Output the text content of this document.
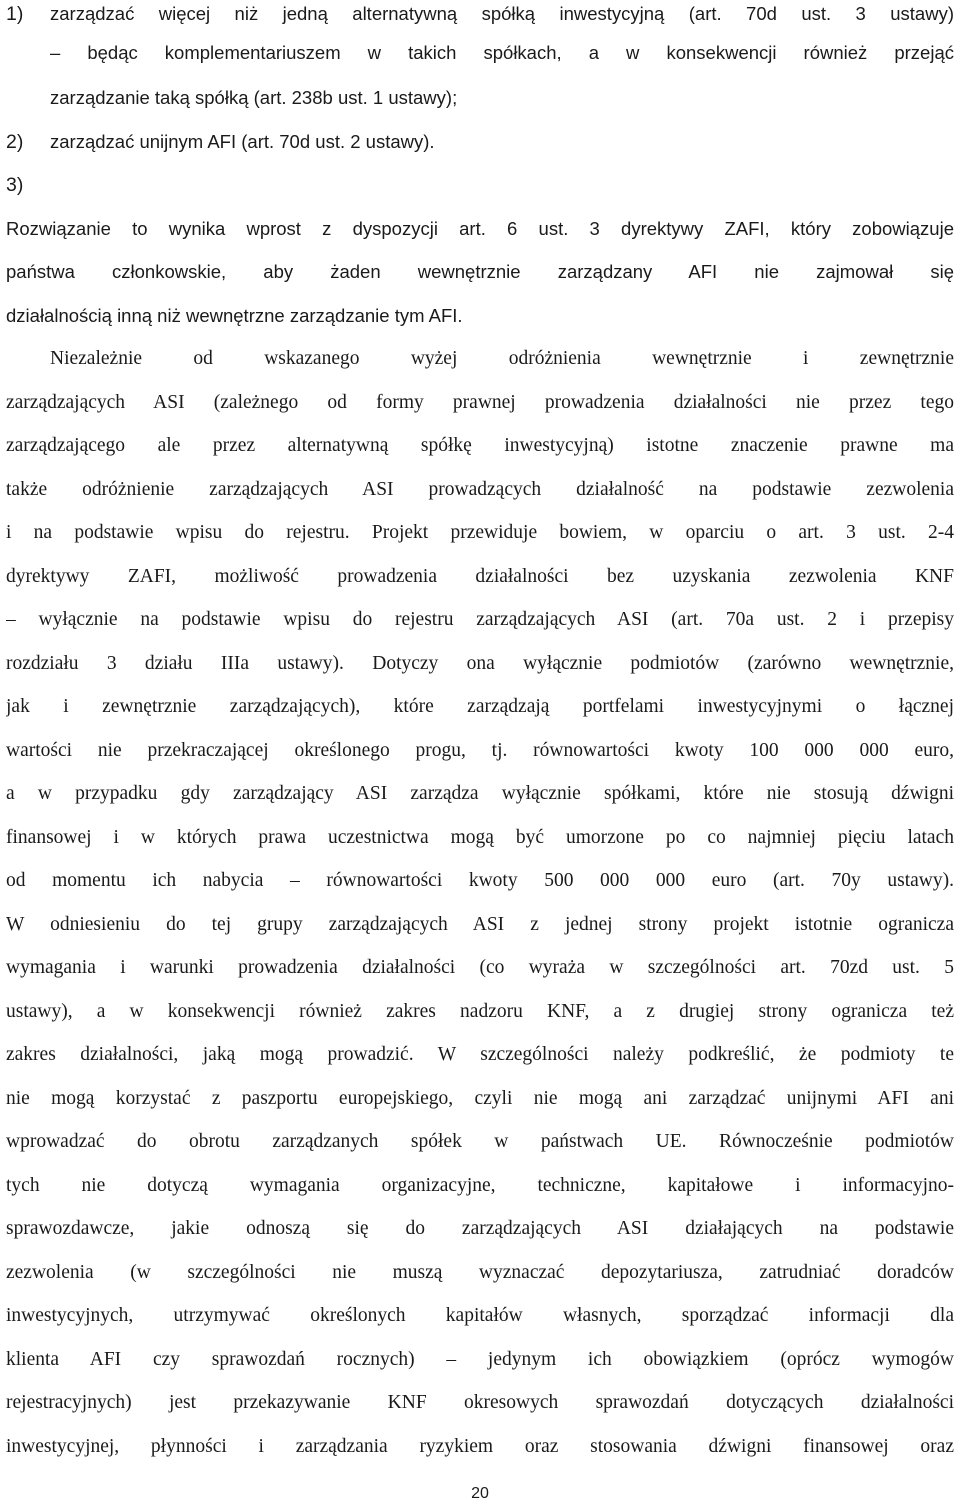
1) zarządzać więcej niż jedną alternatywną spółką inwestycyjną (art. 70d ust. 3 ustawy)
– będąc komplementariuszem w takich spółkach, a w konsekwencji również przejąć
zarządzanie taką spółką (art. 238b ust. 1 ustawy);
2) zarządzać unijnym AFI (art. 70d ust. 2 ustawy).
3)
Rozwiązanie to wynika wprost z dyspozycji art. 6 ust. 3 dyrektywy ZAFI, który zobowiązuje
państwa członkowskie, aby żaden wewnętrznie zarządzany AFI nie zajmował się
działalnością inną niż wewnętrzne zarządzanie tym AFI.
Niezależnie od wskazanego wyżej odróżnienia wewnętrznie i zewnętrznie
zarządzających ASI (zależnego od formy prawnej prowadzenia działalności nie przez tego
zarządzającego ale przez alternatywną spółkę inwestycyjną) istotne znaczenie prawne ma
także odróżnienie zarządzających ASI prowadzących działalność na podstawie zezwolenia
i na podstawie wpisu do rejestru. Projekt przewiduje bowiem, w oparciu o art. 3 ust. 2-4
dyrektywy ZAFI, możliwość prowadzenia działalności bez uzyskania zezwolenia KNF
– wyłącznie na podstawie wpisu do rejestru zarządzających ASI (art. 70a ust. 2 i przepisy
rozdziału 3 działu IIIa ustawy). Dotyczy ona wyłącznie podmiotów (zarówno wewnętrznie,
jak i zewnętrznie zarządzających), które zarządzają portfelami inwestycyjnymi o łącznej
wartości nie przekraczającej określonego progu, tj. równowartości kwoty 100 000 000 euro,
a w przypadku gdy zarządzający ASI zarządza wyłącznie spółkami, które nie stosują dźwigni
finansowej i w których prawa uczestnictwa mogą być umorzone po co najmniej pięciu latach
od momentu ich nabycia – równowartości kwoty 500 000 000 euro (art. 70y ustawy).
W odniesieniu do tej grupy zarządzających ASI z jednej strony projekt istotnie ogranicza
wymagania i warunki prowadzenia działalności (co wyraża w szczególności art. 70zd ust. 5
ustawy), a w konsekwencji również zakres nadzoru KNF, a z drugiej strony ogranicza też
zakres działalności, jaką mogą prowadzić. W szczególności należy podkreślić, że podmioty te
nie mogą korzystać z paszportu europejskiego, czyli nie mogą ani zarządzać unijnymi AFI ani
wprowadzać do obrotu zarządzanych spółek w państwach UE. Równocześnie podmiotów
tych nie dotyczą wymagania organizacyjne, techniczne, kapitałowe i informacyjno-
sprawozdawcze, jakie odnoszą się do zarządzających ASI działających na podstawie
zezwolenia (w szczególności nie muszą wyznaczać depozytariusza, zatrudniać doradców
inwestycyjnych, utrzymywać określonych kapitałów własnych, sporządzać informacji dla
klienta AFI czy sprawozdań rocznych) – jedynym ich obowiązkiem (oprócz wymogów
rejestracyjnych) jest przekazywanie KNF okresowych sprawozdań dotyczących działalności
inwestycyjnej, płynności i zarządzania ryzykiem oraz stosowania dźwigni finansowej oraz
20
